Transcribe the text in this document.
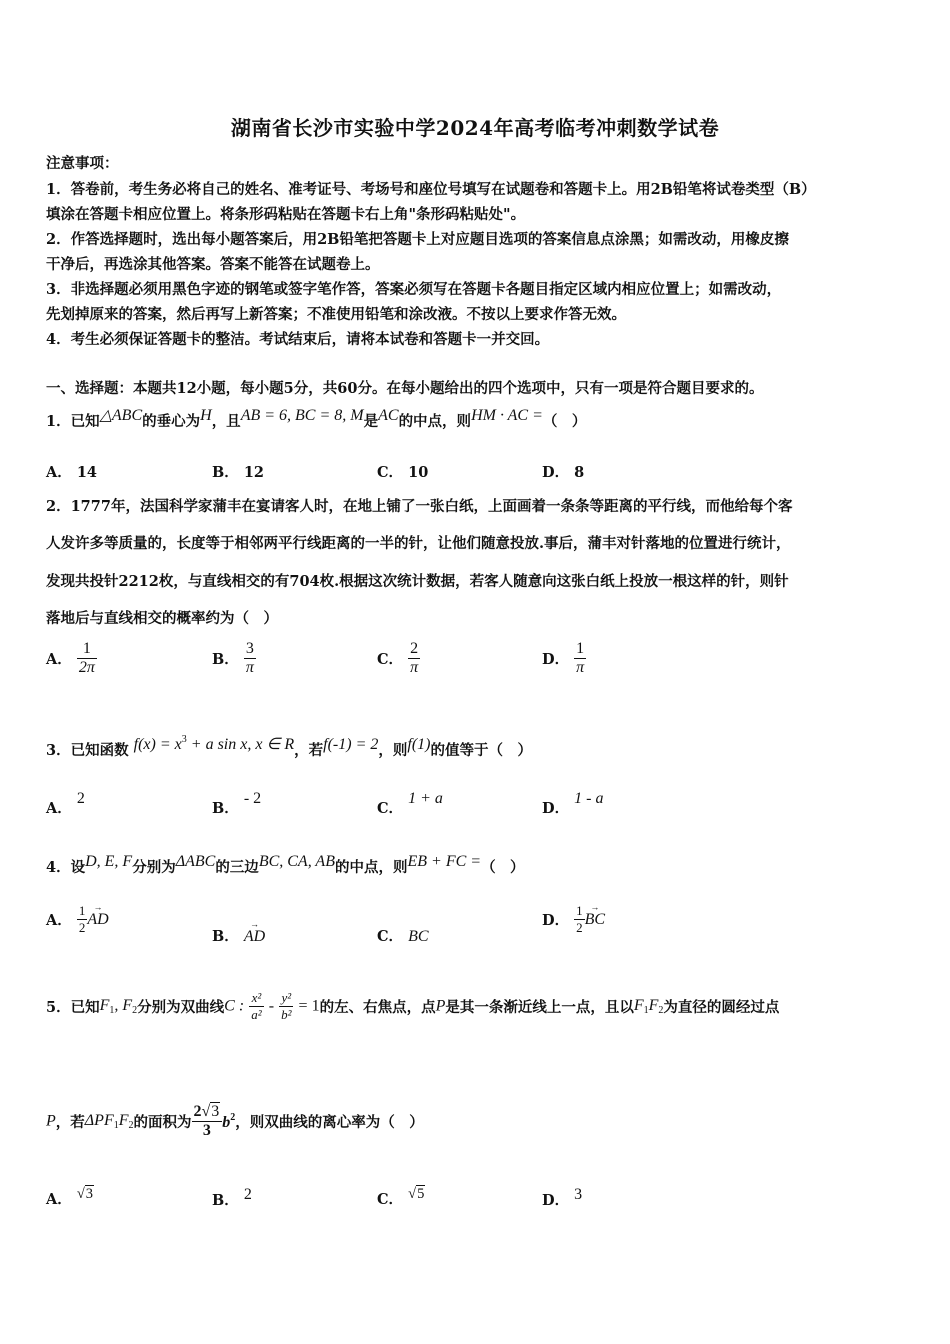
湖南省长沙市实验中学2024年高考临考冲刺数学试卷
注意事项：
1．答卷前，考生务必将自己的姓名、准考证号、考场号和座位号填写在试题卷和答题卡上。用2B铅笔将试卷类型（B）
填涂在答题卡相应位置上。将条形码粘贴在答题卡右上角"条形码粘贴处"。
2．作答选择题时，选出每小题答案后，用2B铅笔把答题卡上对应题目选项的答案信息点涂黑；如需改动，用橡皮擦
干净后，再选涂其他答案。答案不能答在试题卷上。
3．非选择题必须用黑色字迹的钢笔或签字笔作答，答案必须写在答题卡各题目指定区域内相应位置上；如需改动，
先划掉原来的答案，然后再写上新答案；不准使用铅笔和涂改液。不按以上要求作答无效。
4．考生必须保证答题卡的整洁。考试结束后，请将本试卷和答题卡一并交回。
一、选择题：本题共12小题，每小题5分，共60分。在每小题给出的四个选项中，只有一项是符合题目要求的。
1．已知△ABC的垂心为H，且AB = 6, BC = 8, M是AC的中点，则HM · AC =（　）
A． 14	B． 12	C． 10	D． 8
2．1777年，法国科学家蒲丰在宴请客人时，在地上铺了一张白纸，上面画着一条条等距离的平行线，而他给每个客
人发许多等质量的，长度等于相邻两平行线距离的一半的针，让他们随意投放.事后，蒲丰对针落地的位置进行统计，
发现共投针2212枚，与直线相交的有704枚.根据这次统计数据，若客人随意向这张白纸上投放一根这样的针，则针
落地后与直线相交的概率约为（　）
A． $\frac{1}{2\pi}$	B． $\frac{3}{\pi}$	C． $\frac{2}{\pi}$	D． $\frac{1}{\pi}$
3．已知函数 $f(x) = x^3 + a$ sin x, x ∈ R，若f(-1) = 2，则f(1)的值等于（　）
A． 2
B． - 2
C． 1 + a
D． 1 - a
4．设D, E, F分别为ΔABC的三边BC, CA, AB的中点，则EB + FC =（　）
A． $\frac{1}{2}$ → AD
B． → AD	C． BC
D． $\frac{1}{2}$ → BC
5．已知$F_1$, $F_2$分别为双曲线C : $\frac{\text{x²}}{\text{a²}} - \frac{\text{y²}}{\text{b²}} = 1$的左、右焦点，点P是其一条渐近线上一点，且以$F_1F_2$为直径的圆经过点
P，若$\Delta PF_1F_2$的面积为 $\frac{2√3}{3} b^2$，则双曲线的离心率为（　）
A． √3	B． 2	C． √5	D． 3
